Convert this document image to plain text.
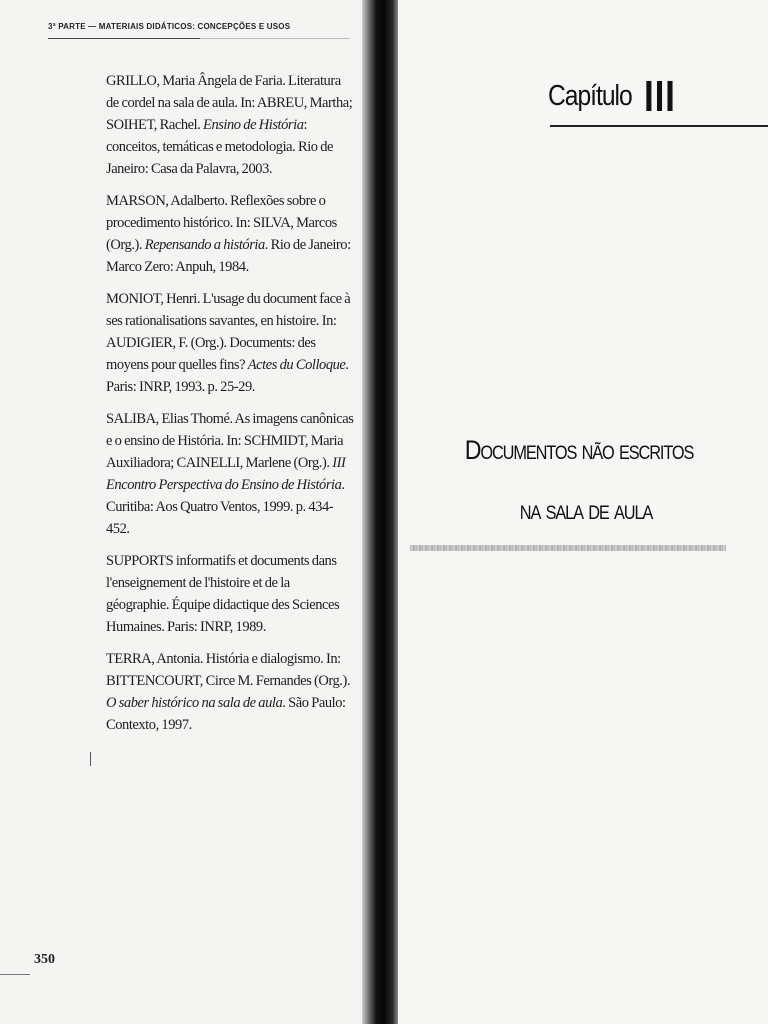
3ª PARTE — MATERIAIS DIDÁTICOS: CONCEPÇÕES E USOS

GRILLO, Maria Ângela de Faria. Literatura de cordel na sala de aula. In: ABREU, Martha; SOIHET, Rachel. Ensino de História: conceitos, temáticas e metodologia. Rio de Janeiro: Casa da Palavra, 2003.

MARSON, Adalberto. Reflexões sobre o procedimento histórico. In: SILVA, Marcos (Org.). Repensando a história. Rio de Janeiro: Marco Zero: Anpuh, 1984.

MONIOT, Henri. L'usage du document face à ses rationalisations savantes, en histoire. In: AUDIGIER, F. (Org.). Documents: des moyens pour quelles fins? Actes du Colloque. Paris: INRP, 1993. p. 25-29.

SALIBA, Elias Thomé. As imagens canônicas e o ensino de História. In: SCHMIDT, Maria Auxiliadora; CAINELLI, Marlene (Org.). III Encontro Perspectiva do Ensino de História. Curitiba: Aos Quatro Ventos, 1999. p. 434-452.

SUPPORTS informatifs et documents dans l'enseignement de l'histoire et de la géographie. Équipe didactique des Sciences Humaines. Paris: INRP, 1989.

TERRA, Antonia. História e dialogismo. In: BITTENCOURT, Circe M. Fernandes (Org.). O saber histórico na sala de aula. São Paulo: Contexto, 1997.

350
Capítulo III
Documentos não escritos
na sala de aula
